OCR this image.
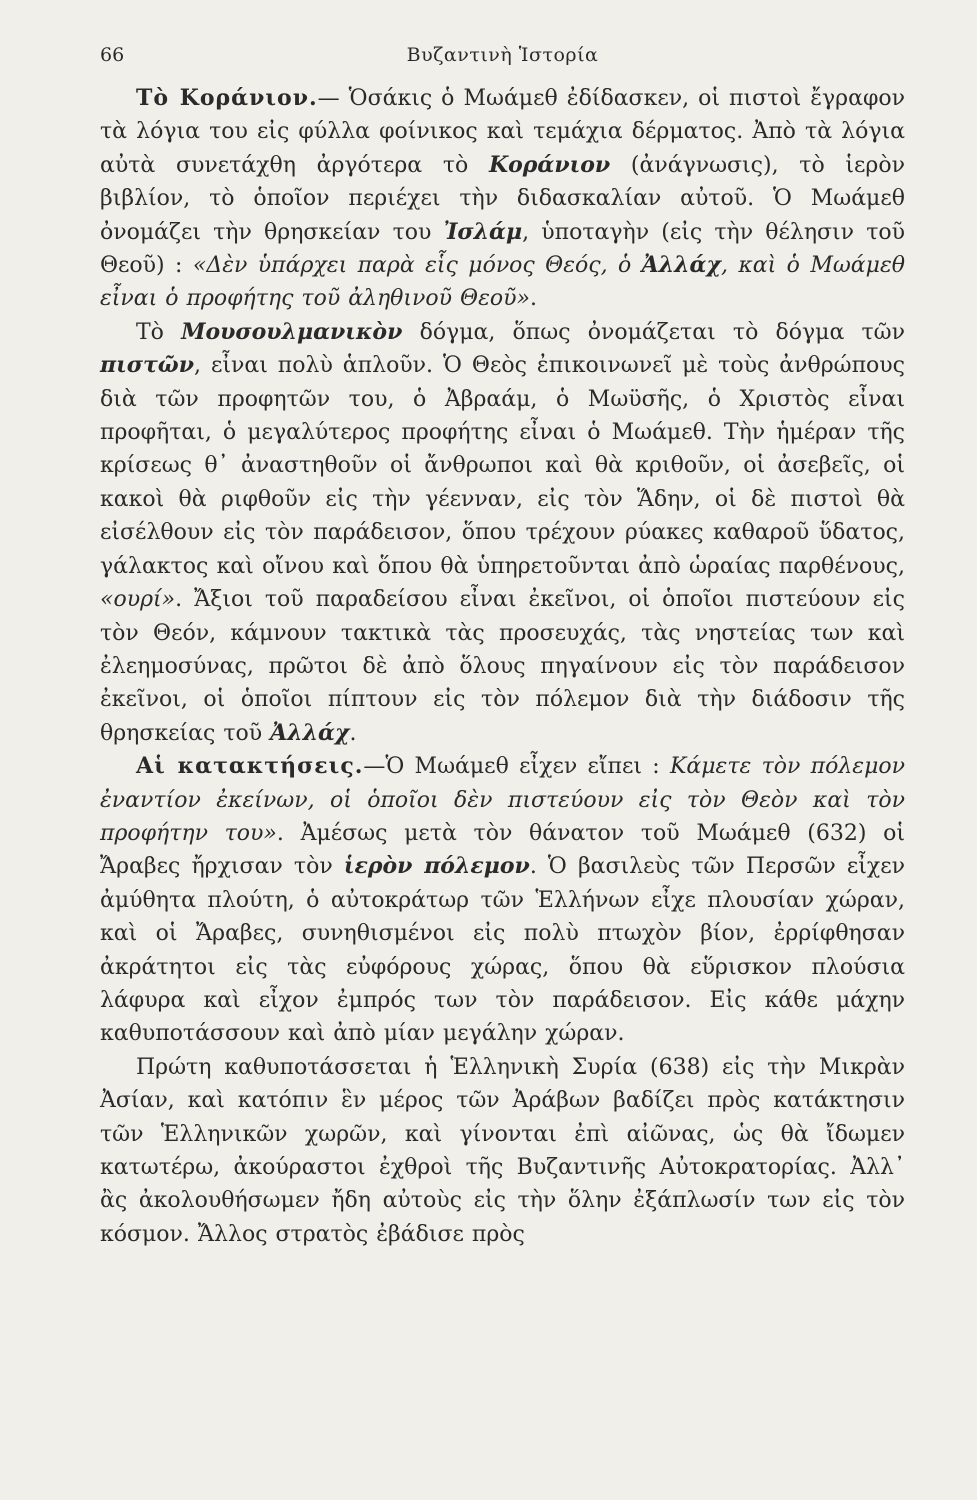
66	Βυζαντινὴ Ἱστορία

Τὸ Κοράνιον.— Ὁσάκις ὁ Μωάμεθ ἐδίδασκεν, οἱ πιστοὶ ἔγραφον τὰ λόγια του εἰς φύλλα φοίνικος καὶ τεμάχια δέρματος. Ἀπὸ τὰ λόγια αὐτὰ συνετάχθη ἀργότερα τὸ Κοράνιον (ἀνάγνωσις), τὸ ἱερὸν βιβλίον, τὸ ὁποῖον περιέχει τὴν διδασκαλίαν αὐτοῦ. Ὁ Μωάμεθ ὀνομάζει τὴν θρησκείαν του Ἰσλάμ, ὑποταγὴν (εἰς τὴν θέλησιν τοῦ Θεοῦ) : «Δὲν ὑπάρχει παρὰ εἷς μόνος Θεός, ὁ Ἀλλάχ, καὶ ὁ Μωάμεθ εἶναι ὁ προφήτης τοῦ ἀληθινοῦ Θεοῦ».

Τὸ Μουσουλμανικὸν δόγμα, ὅπως ὀνομάζεται τὸ δόγμα τῶν πιστῶν, εἶναι πολὺ ἁπλοῦν. Ὁ Θεὸς ἐπικοινωνεῖ μὲ τοὺς ἀνθρώπους διὰ τῶν προφητῶν του, ὁ Ἀβραάμ, ὁ Μωϋσῆς, ὁ Χριστὸς εἶναι προφῆται, ὁ μεγαλύτερος προφήτης εἶναι ὁ Μωάμεθ. Τὴν ἡμέραν τῆς κρίσεως θ᾽ ἀναστηθοῦν οἱ ἄνθρωποι καὶ θὰ κριθοῦν, οἱ ἀσεβεῖς, οἱ κακοὶ θὰ ριφθοῦν εἰς τὴν γέενναν, εἰς τὸν Ἅδην, οἱ δὲ πιστοὶ θὰ εἰσέλθουν εἰς τὸν παράδεισον, ὅπου τρέχουν ρύακες καθαροῦ ὕδατος, γάλακτος καὶ οἴνου καὶ ὅπου θὰ ὑπηρετοῦνται ἀπὸ ὡραίας παρθένους, «ουρί». Ἄξιοι τοῦ παραδείσου εἶναι ἐκεῖνοι, οἱ ὁποῖοι πιστεύουν εἰς τὸν Θεόν, κάμνουν τακτικὰ τὰς προσευχάς, τὰς νηστείας των καὶ ἐλεημοσύνας, πρῶτοι δὲ ἀπὸ ὅλους πηγαίνουν εἰς τὸν παράδεισον ἐκεῖνοι, οἱ ὁποῖοι πίπτουν εἰς τὸν πόλεμον διὰ τὴν διάδοσιν τῆς θρησκείας τοῦ Ἀλλάχ.

Αἱ κατακτήσεις.—Ὁ Μωάμεθ εἶχεν εἴπει : Κάμετε τὸν πόλεμον ἐναντίον ἐκείνων, οἱ ὁποῖοι δὲν πιστεύουν εἰς τὸν Θεὸν καὶ τὸν προφήτην του». Ἀμέσως μετὰ τὸν θάνατον τοῦ Μωάμεθ (632) οἱ Ἄραβες ἤρχισαν τὸν ἱερὸν πόλεμον. Ὁ βασιλεὺς τῶν Περσῶν εἶχεν ἀμύθητα πλούτη, ὁ αὐτοκράτωρ τῶν Ἑλλήνων εἶχε πλουσίαν χώραν, καὶ οἱ Ἄραβες, συνηθισμένοι εἰς πολὺ πτωχὸν βίον, ἐρρίφθησαν ἀκράτητοι εἰς τὰς εὐφόρους χώρας, ὅπου θὰ εὕρισκον πλούσια λάφυρα καὶ εἶχον ἐμπρός των τὸν παράδεισον. Εἰς κάθε μάχην καθυποτάσσουν καὶ ἀπὸ μίαν μεγάλην χώραν.

Πρώτη καθυποτάσσεται ἡ Ἑλληνικὴ Συρία (638) εἰς τὴν Μικρὰν Ἀσίαν, καὶ κατόπιν ἓν μέρος τῶν Ἀράβων βαδίζει πρὸς κατάκτησιν τῶν Ἑλληνικῶν χωρῶν, καὶ γίνονται ἐπὶ αἰῶνας, ὡς θὰ ἴδωμεν κατωτέρω, ἀκούραστοι ἐχθροὶ τῆς Βυζαντινῆς Αὐτοκρατορίας. Ἀλλ᾽ ἂς ἀκολουθήσωμεν ἤδη αὐτοὺς εἰς τὴν ὅλην ἐξάπλωσίν των εἰς τὸν κόσμον. Ἄλλος στρατὸς ἐβάδισε πρὸς
